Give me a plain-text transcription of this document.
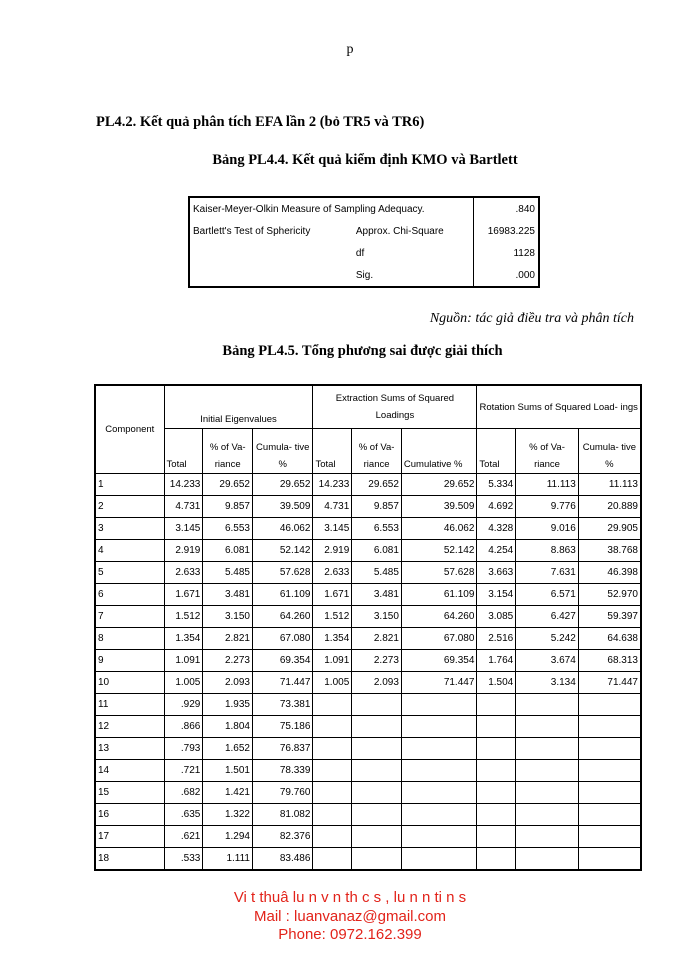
p
PL4.2. Kết quả phân tích EFA lần 2 (bỏ TR5 và TR6)
Bảng PL4.4. Kết quả kiểm định KMO và Bartlett
Kaiser-Meyer-Olkin Measure of Sampling Adequacy.		.840
Bartlett's Test of Sphericity	Approx. Chi-Square	16983.225
	df	1128
	Sig.	.000
Nguồn: tác giả điều tra và phân tích
Bảng PL4.5. Tổng phương sai được giải thích
Component	Initial Eigenvalues			Extraction Sums of Squared Loadings			Rotation Sums of Squared Load- ings		
	Total	% of Va- riance	Cumula- tive %	Total	% of Va- riance	Cumulative %	Total	% of Va- riance	Cumula- tive %
1	14.233	29.652	29.652	14.233	29.652	29.652	5.334	11.113	11.113
2	4.731	9.857	39.509	4.731	9.857	39.509	4.692	9.776	20.889
3	3.145	6.553	46.062	3.145	6.553	46.062	4.328	9.016	29.905
4	2.919	6.081	52.142	2.919	6.081	52.142	4.254	8.863	38.768
5	2.633	5.485	57.628	2.633	5.485	57.628	3.663	7.631	46.398
6	1.671	3.481	61.109	1.671	3.481	61.109	3.154	6.571	52.970
7	1.512	3.150	64.260	1.512	3.150	64.260	3.085	6.427	59.397
8	1.354	2.821	67.080	1.354	2.821	67.080	2.516	5.242	64.638
9	1.091	2.273	69.354	1.091	2.273	69.354	1.764	3.674	68.313
10	1.005	2.093	71.447	1.005	2.093	71.447	1.504	3.134	71.447
11	.929	1.935	73.381						
12	.866	1.804	75.186						
13	.793	1.652	76.837						
14	.721	1.501	78.339						
15	.682	1.421	79.760						
16	.635	1.322	81.082						
17	.621	1.294	82.376						
18	.533	1.111	83.486						
Vi t thuâ lu n v n th c s , lu n n ti n s
Mail : luanvanaz@gmail.com
Phone: 0972.162.399
